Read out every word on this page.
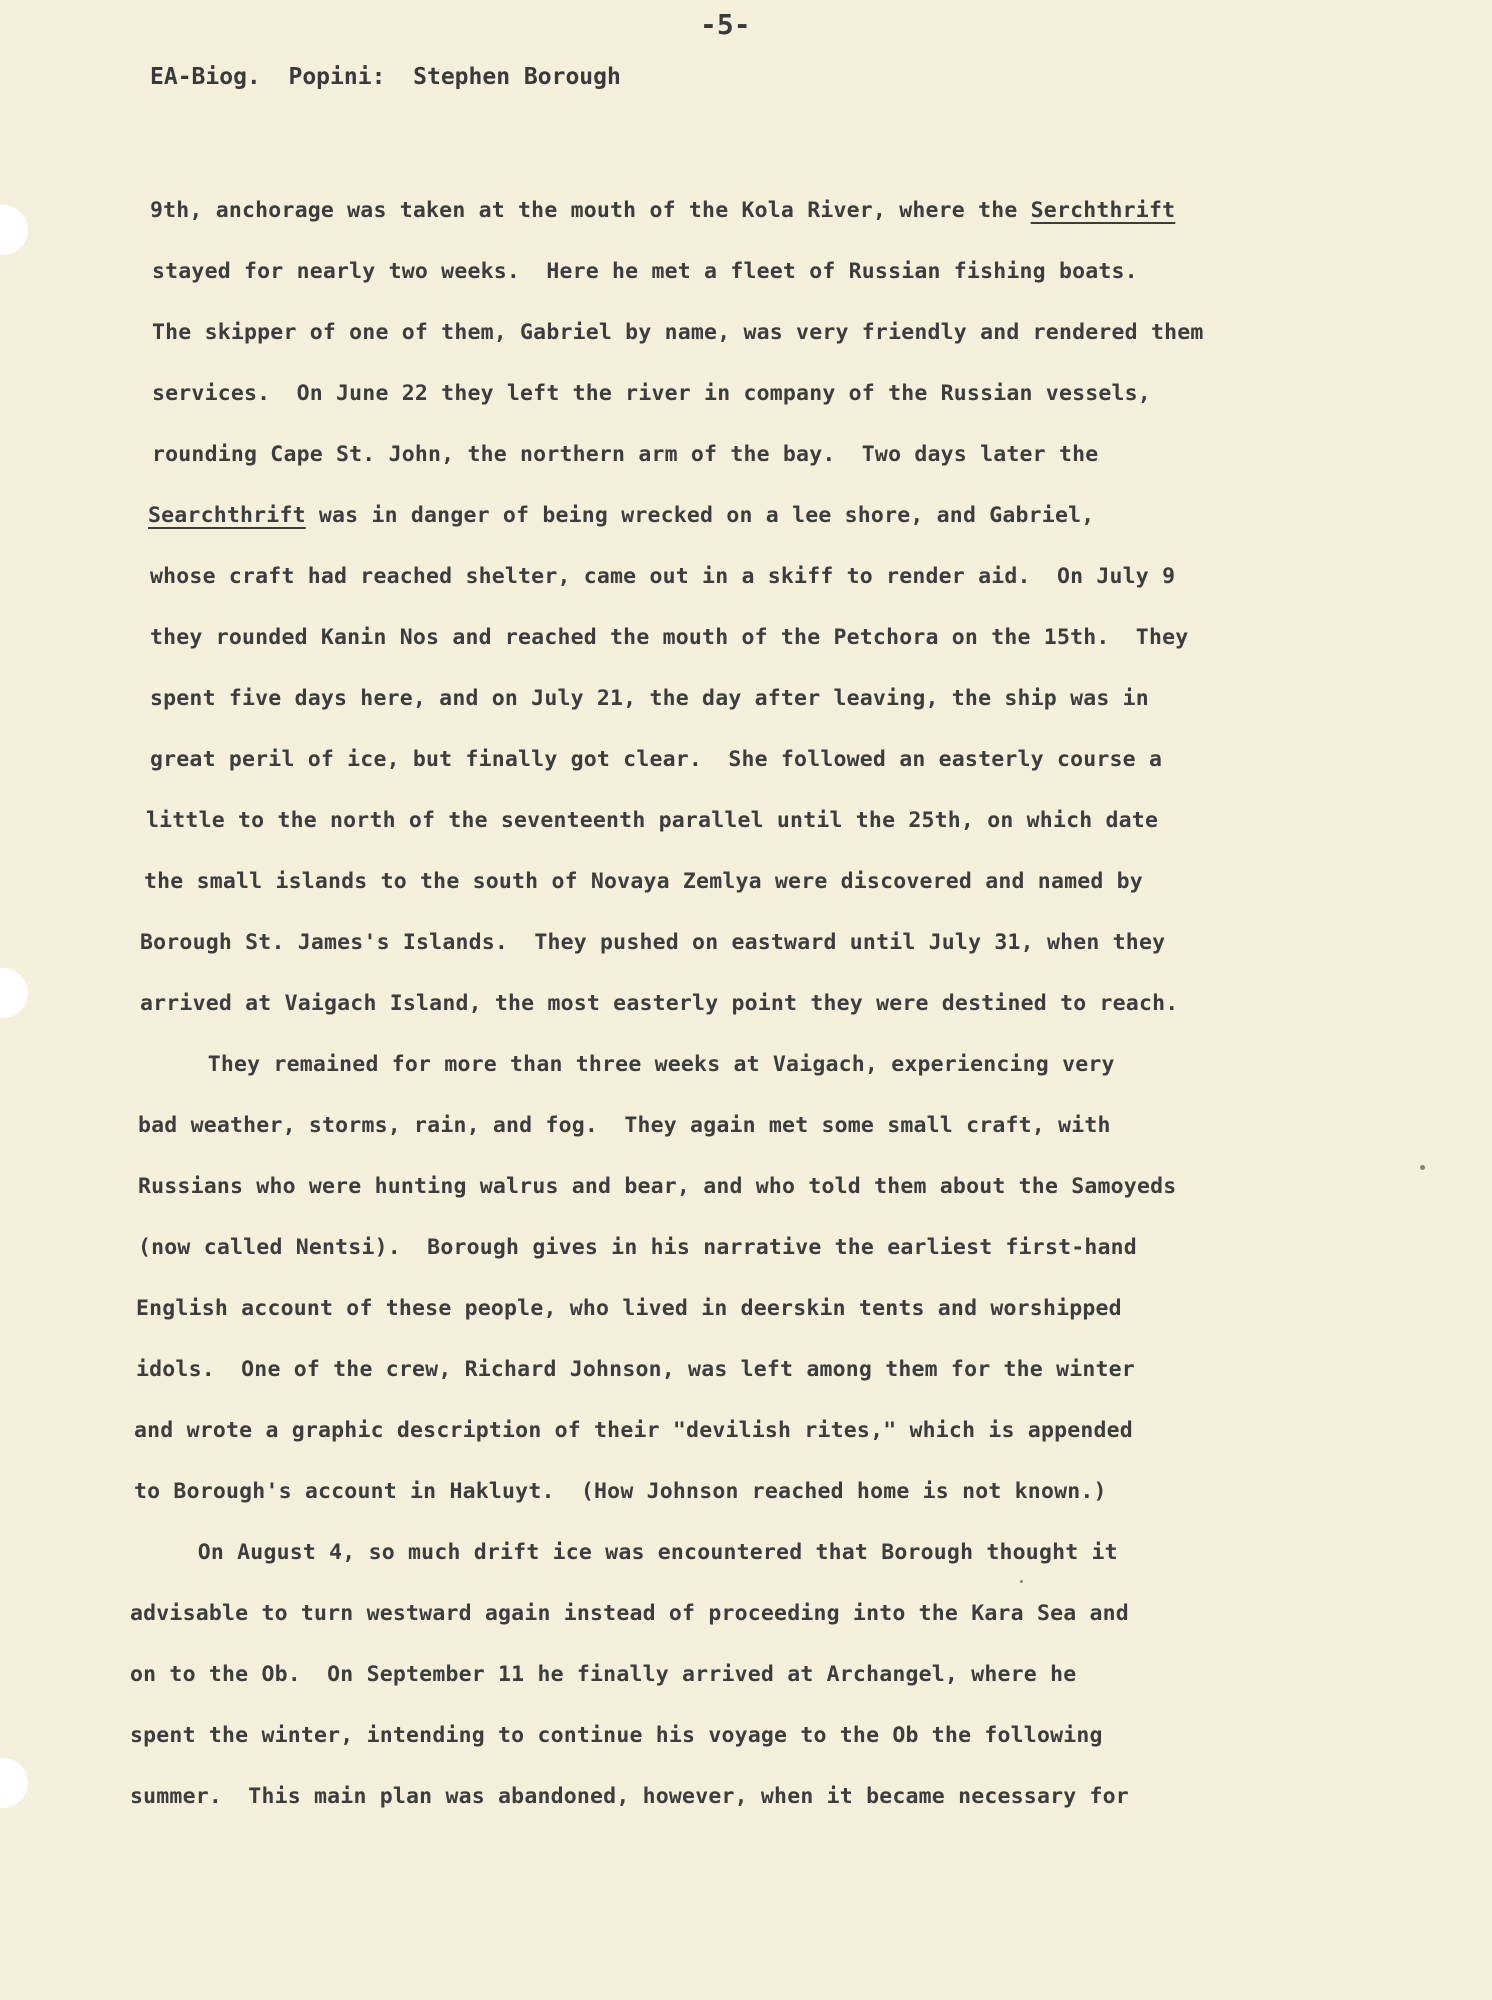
-5-
EA-Biog. Popini: Stephen Borough
9th, anchorage was taken at the mouth of the Kola River, where the Serchthrift
stayed for nearly two weeks.  Here he met a fleet of Russian fishing boats.
The skipper of one of them, Gabriel by name, was very friendly and rendered them
services.  On June 22 they left the river in company of the Russian vessels,
rounding Cape St. John, the northern arm of the bay.  Two days later the
Searchthrift was in danger of being wrecked on a lee shore, and Gabriel,
whose craft had reached shelter, came out in a skiff to render aid.  On July 9
they rounded Kanin Nos and reached the mouth of the Petchora on the 15th.  They
spent five days here, and on July 21, the day after leaving, the ship was in
great peril of ice, but finally got clear.  She followed an easterly course a
little to the north of the seventeenth parallel until the 25th, on which date
the small islands to the south of Novaya Zemlya were discovered and named by
Borough St. James's Islands.  They pushed on eastward until July 31, when they
arrived at Vaigach Island, the most easterly point they were destined to reach.
They remained for more than three weeks at Vaigach, experiencing very
bad weather, storms, rain, and fog.  They again met some small craft, with
Russians who were hunting walrus and bear, and who told them about the Samoyeds
(now called Nentsi).  Borough gives in his narrative the earliest first-hand
English account of these people, who lived in deerskin tents and worshipped
idols.  One of the crew, Richard Johnson, was left among them for the winter
and wrote a graphic description of their "devilish rites," which is appended
to Borough's account in Hakluyt.  (How Johnson reached home is not known.)
On August 4, so much drift ice was encountered that Borough thought it
advisable to turn westward again instead of proceeding into the Kara Sea and
on to the Ob.  On September 11 he finally arrived at Archangel, where he
spent the winter, intending to continue his voyage to the Ob the following
summer.  This main plan was abandoned, however, when it became necessary for
